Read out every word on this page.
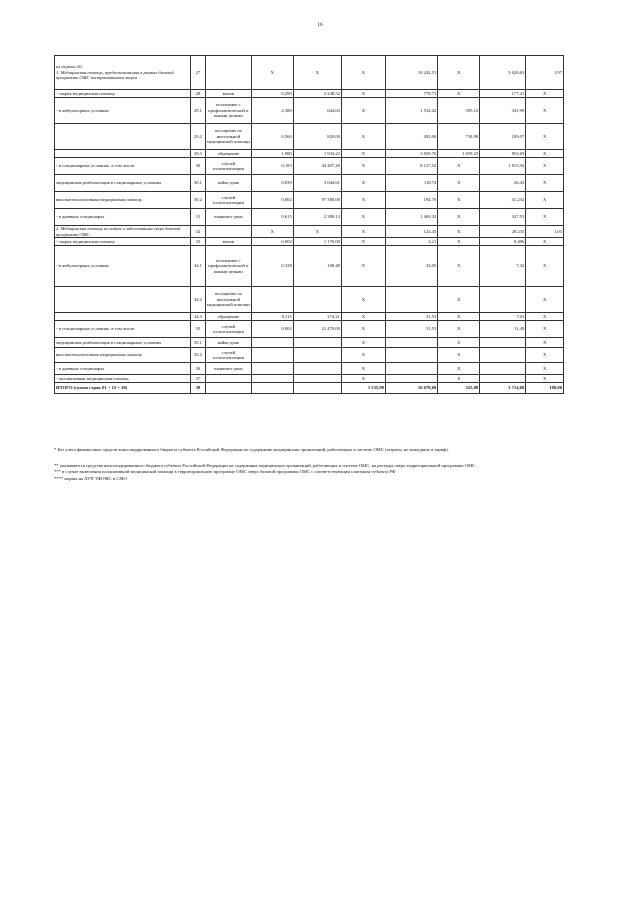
16
из строки 20:
1. Медицинская помощь, предоставляемая в рамках базовой программы ОМС застрахованным лицам	27		X	X	X	18 242,51	X	3 620,63	1,97
- скорая медицинская помощь	28	вызов	0,290	2 248,52	X	779,73	X	177,41	X
- в амбулаторных условиях	29.1	посещение с профилактической и иными целями	2,380	644,63	X	1 534,22	395,12	341,99	X
	29.2	посещение по неотложной медицинской помощи	0,560	820,00	X	492,00	718,98	109,07	X
	29.3	обращение	1,980	1 934,22	X	3 829,76	1 659,23	853,69	X
- в стационарных условиях, в том числе:	30	случай госпитализации	0,183	44 407,20	X	8 127,52	X	1 815,94	X
медицинская реабилитация в стационарных условиях	30.1	койко-день	0,039	3 044,61	X	118,74	X	26,43	X
высокотехнологичная медицинская помощь	30.2	случай госпитализации	0,002	97 380,00	X	194,76	X	41,232	X
- в дневных стационарах	31	пациенто-день	0,615	2 389,14	X	1 469,32	X	327,53	X
2. Медицинская помощь по видам и заболеваниям сверх базовой программы ОМС:	32		X	X	X	124,45	X	28,235	1,03
- скорая медицинская помощь	33	вызов	0,002	1 170,00	X	2,21	X	0,496	X
- в амбулаторных условиях	34.1	посещение с профилактической и иными целями	0,338	100,48	X	32,05	X	7,32	X
	34.2	посещение по неотложной медицинской помощи			X		X		X
	34.3	обращение	0,115	274,21	X	31,53	X	7,03	X
- в стационарных условиях, в том числе:	35	случай госпитализации	0,002	21 470,00	X	51,53	X	11,49	X
медицинская реабилитация в стационарных условиях	35.1	койко-день			X		X		X
высокотехнологичная медицинская помощь	35.2	случай госпитализации			X		X		X
- в дневных стационарах	36	пациенто-день			X		X		X
- паллиативная медицинская помощь	37				X		X		X
ИТОГО (сумма строк 01 + 15 + 20)	38				1 535,98	16 670,69	325,08	3 714,68	100,00

* Без учета финансовых средств консолидированного бюджета субъекта Российской Федерации на содержание медицинских организаций, работающих в системе ОМС (затраты, не вошедшие в тариф).

** указываются средства консолидированного бюджета субъекта Российской Федерации на содержание медицинских организаций, работающих в системе ОМС, на расходы сверх территориальной программы ОМС

*** в случае включения паллиативной медицинской помощи в территориальную программу ОМС сверх базовой программы ОМС с соответствующим платежом субъекта РФ

**** нормы на АУП ТФОМС и СМО
